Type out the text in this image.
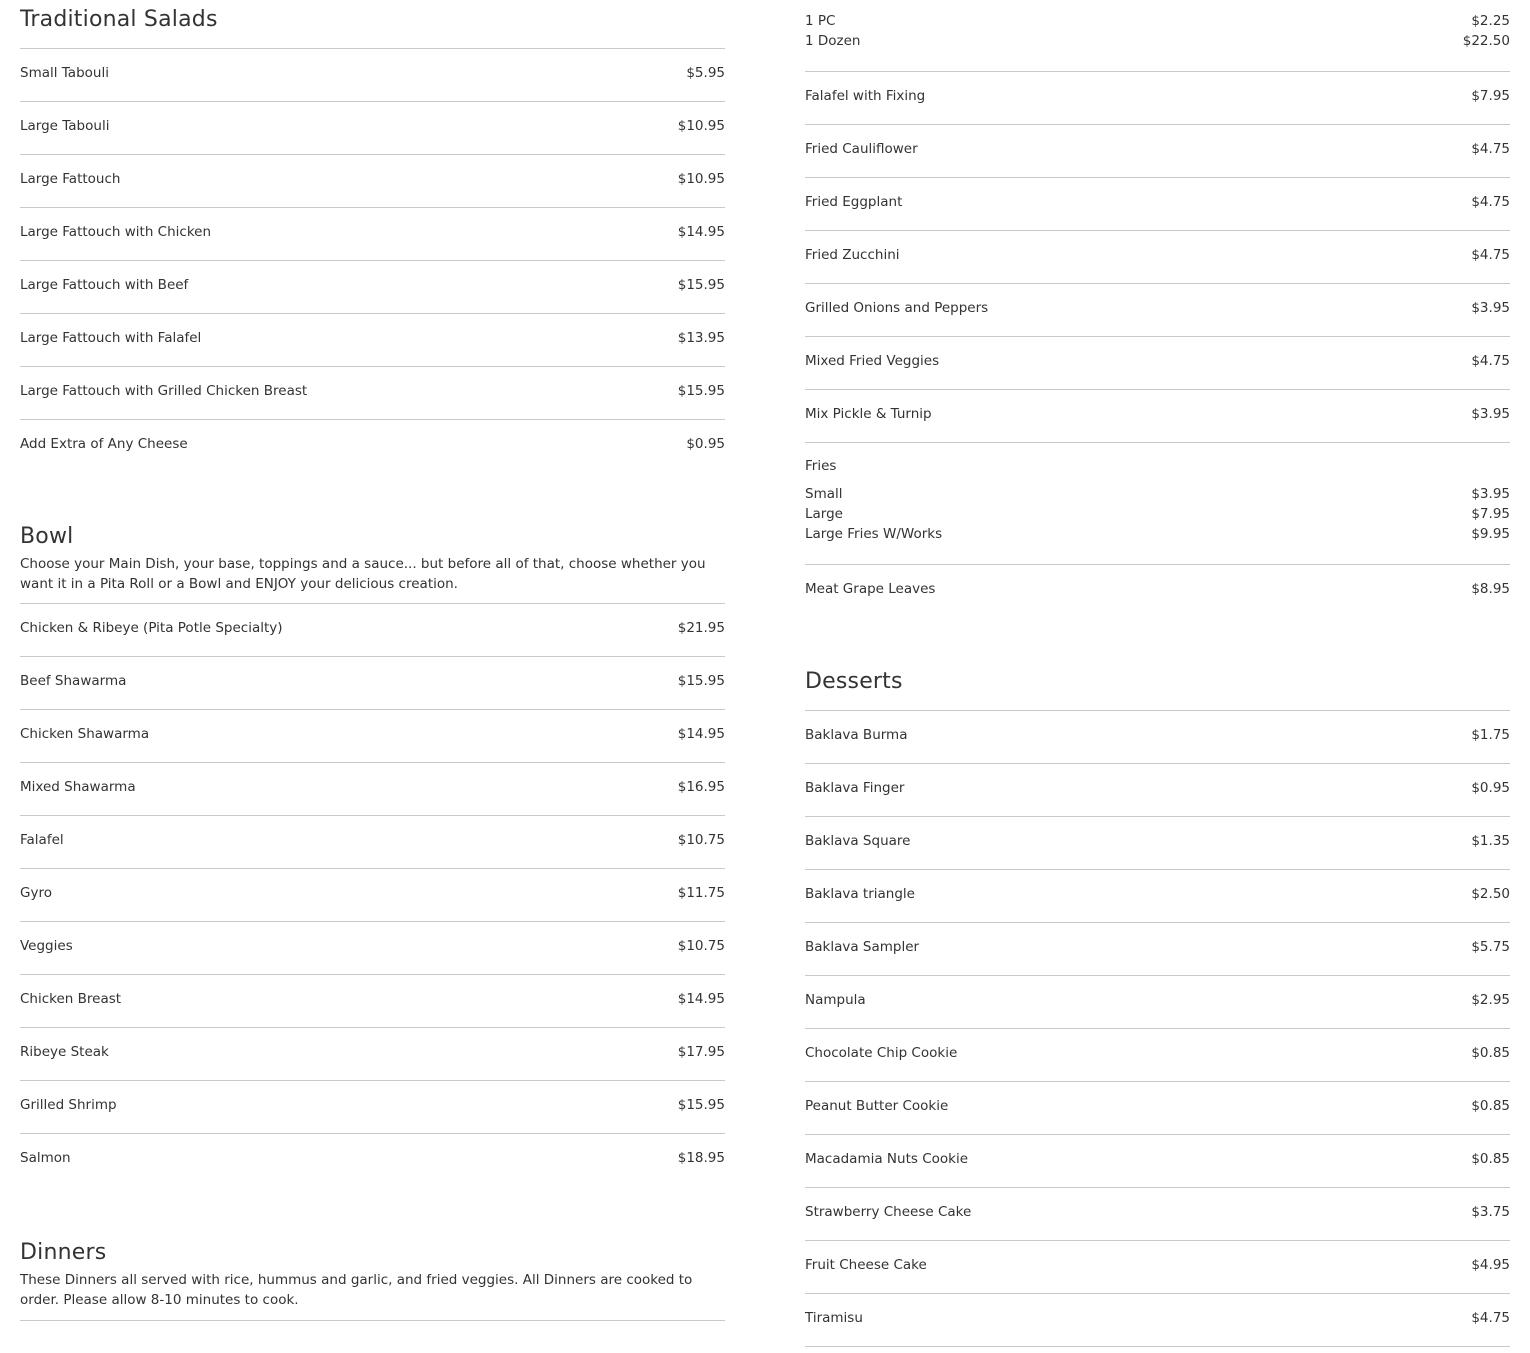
Traditional Salads
Small Tabouli	$5.95
Large Tabouli	$10.95
Large Fattouch	$10.95
Large Fattouch with Chicken	$14.95
Large Fattouch with Beef	$15.95
Large Fattouch with Falafel	$13.95
Large Fattouch with Grilled Chicken Breast	$15.95
Add Extra of Any Cheese	$0.95
Bowl

Choose your Main Dish, your base, toppings and a sauce... but before all of that, choose whether you want it in a Pita Roll or a Bowl and ENJOY your delicious creation.

Chicken & Ribeye (Pita Potle Specialty)	$21.95
Beef Shawarma	$15.95
Chicken Shawarma	$14.95
Mixed Shawarma	$16.95
Falafel	$10.75
Gyro	$11.75
Veggies	$10.75
Chicken Breast	$14.95
Ribeye Steak	$17.95
Grilled Shrimp	$15.95
Salmon	$18.95
Dinners

These Dinners all served with rice, hummus and garlic, and fried veggies. All Dinners are cooked to order. Please allow 8-10 minutes to cook.

1 PC	$2.25
1 Dozen	$22.50
Falafel with Fixing	$7.95
Fried Cauliflower	$4.75
Fried Eggplant	$4.75
Fried Zucchini	$4.75
Grilled Onions and Peppers	$3.95
Mixed Fried Veggies	$4.75
Mix Pickle & Turnip	$3.95
Fries
Small	$3.95
Large	$7.95
Large Fries W/Works	$9.95
Meat Grape Leaves	$8.95
Desserts
Baklava Burma	$1.75
Baklava Finger	$0.95
Baklava Square	$1.35
Baklava triangle	$2.50
Baklava Sampler	$5.75
Nampula	$2.95
Chocolate Chip Cookie	$0.85
Peanut Butter Cookie	$0.85
Macadamia Nuts Cookie	$0.85
Strawberry Cheese Cake	$3.75
Fruit Cheese Cake	$4.95
Tiramisu	$4.75
